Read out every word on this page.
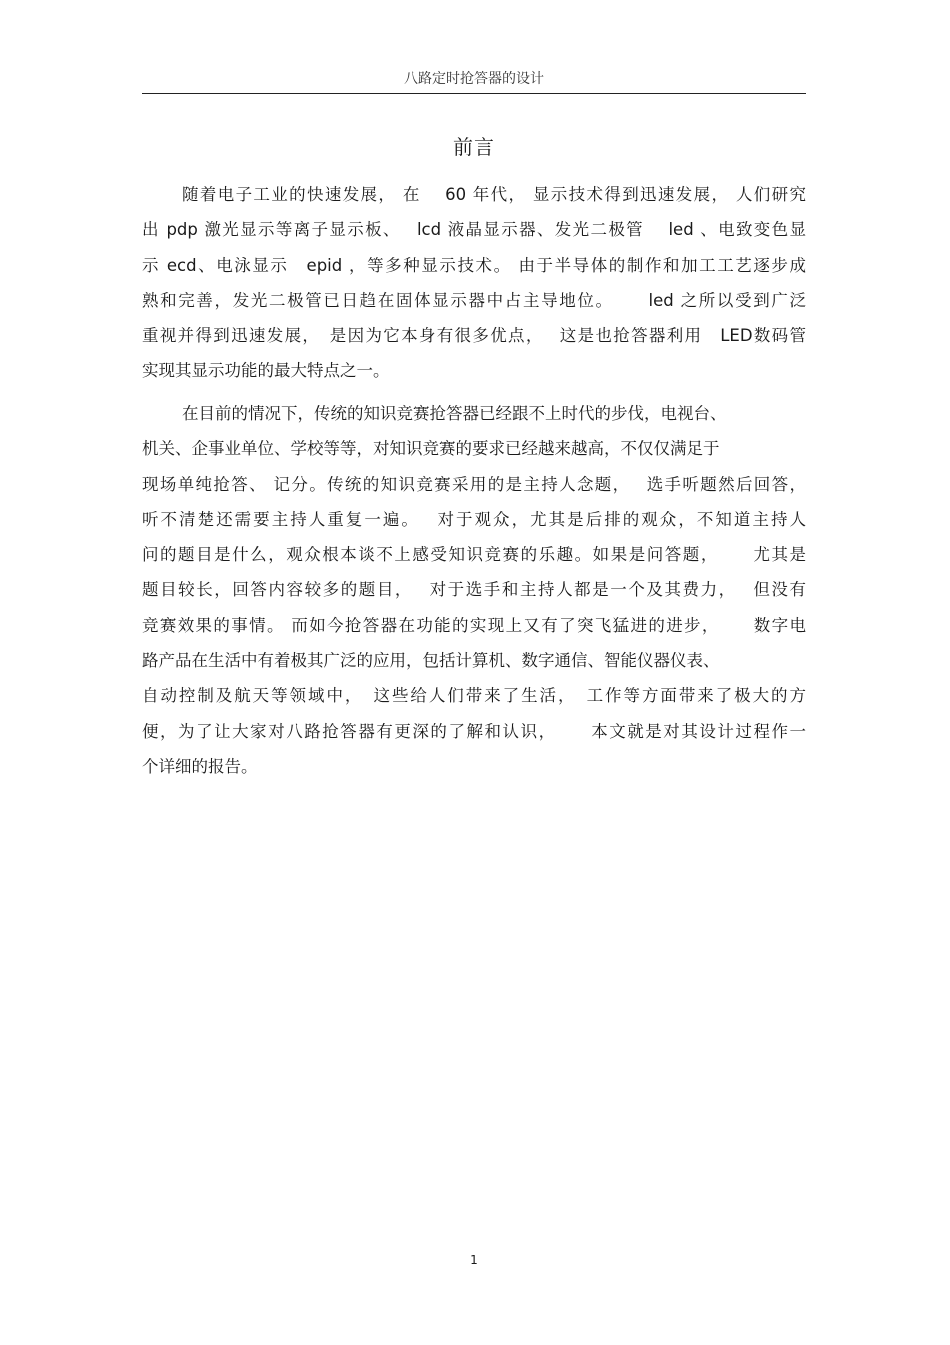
八路定时抢答器的设计
前言
随着电子工业的快速发展， 在　 60 年代， 显示技术得到迅速发展， 人们研究
出 pdp 激光显示等离子显示板、　 lcd 液晶显示器、发光二极管　 led 、电致变色显
示 ecd、电泳显示　epid ，等多种显示技术。 由于半导体的制作和加工工艺逐步成
熟和完善，发光二极管已日趋在固体显示器中占主导地位。　　 led 之所以受到广泛
重视并得到迅速发展，　是因为它本身有很多优点，　 这是也抢答器利用　LED数码管
实现其显示功能的最大特点之一。
在目前的情况下，传统的知识竞赛抢答器已经跟不上时代的步伐，电视台、
机关、企事业单位、学校等等，对知识竞赛的要求已经越来越高，不仅仅满足于
现场单纯抢答、 记分。传统的知识竞赛采用的是主持人念题，　 选手听题然后回答，
听不清楚还需要主持人重复一遍。　 对于观众，尤其是后排的观众，不知道主持人
问的题目是什么，观众根本谈不上感受知识竞赛的乐趣。如果是问答题，　　 尤其是
题目较长，回答内容较多的题目，　 对于选手和主持人都是一个及其费力，　 但没有
竞赛效果的事情。 而如今抢答器在功能的实现上又有了突飞猛进的进步，　　 数字电
路产品在生活中有着极其广泛的应用，包括计算机、数字通信、智能仪器仪表、
自动控制及航天等领域中，　这些给人们带来了生活，　工作等方面带来了极大的方
便，为了让大家对八路抢答器有更深的了解和认识，　　 本文就是对其设计过程作一
个详细的报告。
1
